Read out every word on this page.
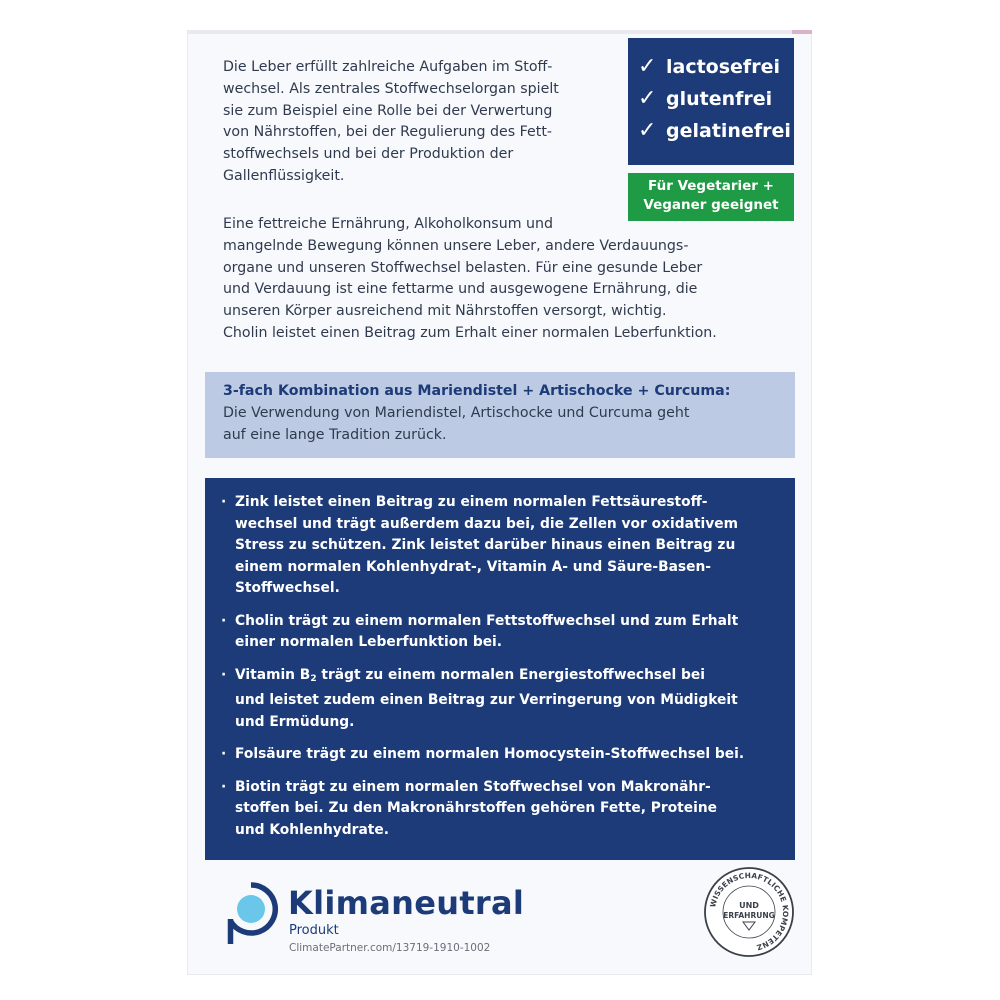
Die Leber erfüllt zahlreiche Aufgaben im Stoff-
wechsel. Als zentrales Stoffwechselorgan spielt
sie zum Beispiel eine Rolle bei der Verwertung
von Nährstoffen, bei der Regulierung des Fett-
stoffwechsels und bei der Produktion der
Gallenflüssigkeit.

Eine fettreiche Ernährung, Alkoholkonsum und
mangelnde Bewegung können unsere Leber, andere Verdauungs-
organe und unseren Stoffwechsel belasten. Für eine gesunde Leber
und Verdauung ist eine fettarme und ausgewogene Ernährung, die
unseren Körper ausreichend mit Nährstoffen versorgt, wichtig.
Cholin leistet einen Beitrag zum Erhalt einer normalen Leberfunktion.

✓ lactosefrei
✓ glutenfrei
✓ gelatinefrei
Für Vegetarier +
Veganer geeignet

3-fach Kombination aus Mariendistel + Artischocke + Curcuma:
Die Verwendung von Mariendistel, Artischocke und Curcuma geht
auf eine lange Tradition zurück.

· Zink leistet einen Beitrag zu einem normalen Fettsäurestoff-
wechsel und trägt außerdem dazu bei, die Zellen vor oxidativem
Stress zu schützen. Zink leistet darüber hinaus einen Beitrag zu
einem normalen Kohlenhydrat-, Vitamin A- und Säure-Basen-
Stoffwechsel.
· Cholin trägt zu einem normalen Fettstoffwechsel und zum Erhalt
einer normalen Leberfunktion bei.
· Vitamin $B_2$ trägt zu einem normalen Energiestoffwechsel bei
und leistet zudem einen Beitrag zur Verringerung von Müdigkeit
und Ermüdung.
· Folsäure trägt zu einem normalen Homocystein-Stoffwechsel bei.
· Biotin trägt zu einem normalen Stoffwechsel von Makronähr-
stoffen bei. Zu den Makronährstoffen gehören Fette, Proteine
und Kohlenhydrate.
Klimaneutral
Produkt
ClimatePartner.com/13719-1910-1002
WISSENSCHAFTLICHE KOMPETENZ
UND
ERFAHRUNG
